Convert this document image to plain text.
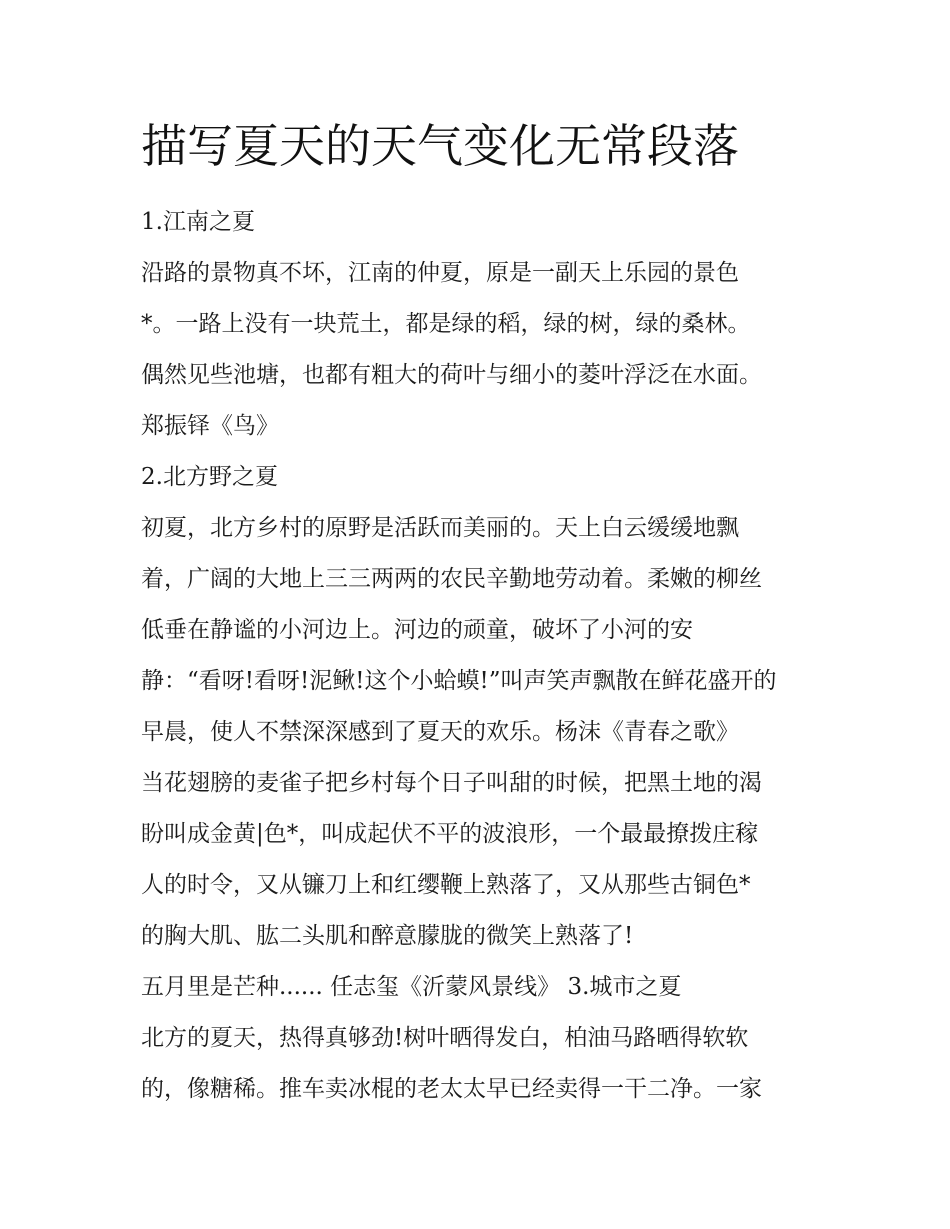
描写夏天的天气变化无常段落

1.江南之夏

沿路的景物真不坏，江南的仲夏，原是一副天上乐园的景色

*。一路上没有一块荒土，都是绿的稻，绿的树，绿的桑林。

偶然见些池塘，也都有粗大的荷叶与细小的菱叶浮泛在水面。

郑振铎《鸟》

2.北方野之夏

初夏，北方乡村的原野是活跃而美丽的。天上白云缓缓地飘

着，广阔的大地上三三两两的农民辛勤地劳动着。柔嫩的柳丝

低垂在静谧的小河边上。河边的顽童，破坏了小河的安

静：“看呀!看呀!泥鳅!这个小蛤蟆!”叫声笑声飘散在鲜花盛开的

早晨，使人不禁深深感到了夏天的欢乐。杨沫《青春之歌》

当花翅膀的麦雀子把乡村每个日子叫甜的时候，把黑土地的渴

盼叫成金黄|色*，叫成起伏不平的波浪形，一个最最撩拨庄稼

人的时令，又从镰刀上和红缨鞭上熟落了，又从那些古铜色*

的胸大肌、肱二头肌和醉意朦胧的微笑上熟落了!

五月里是芒种...... 任志玺《沂蒙风景线》 3.城市之夏

北方的夏天，热得真够劲!树叶晒得发白，柏油马路晒得软软

的，像糖稀。推车卖冰棍的老太太早已经卖得一干二净。一家
